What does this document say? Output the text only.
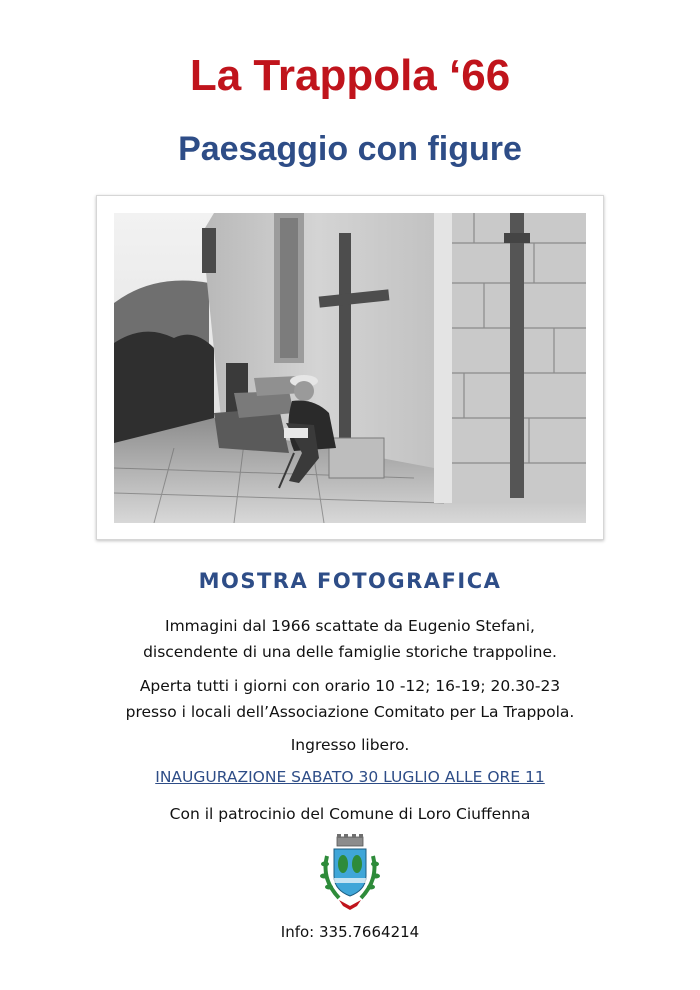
La Trappola ‘66
Paesaggio con figure
MOSTRA FOTOGRAFICA
Immagini dal 1966 scattate da Eugenio Stefani,
discendente di una delle famiglie storiche trappoline.
Aperta tutti i giorni con orario 10 -12; 16-19; 20.30-23
presso i locali dell’Associazione Comitato per La Trappola.
Ingresso libero.
INAUGURAZIONE SABATO 30 LUGLIO ALLE ORE 11
Con il patrocinio del Comune di Loro Ciuffenna
Info: 335.7664214
